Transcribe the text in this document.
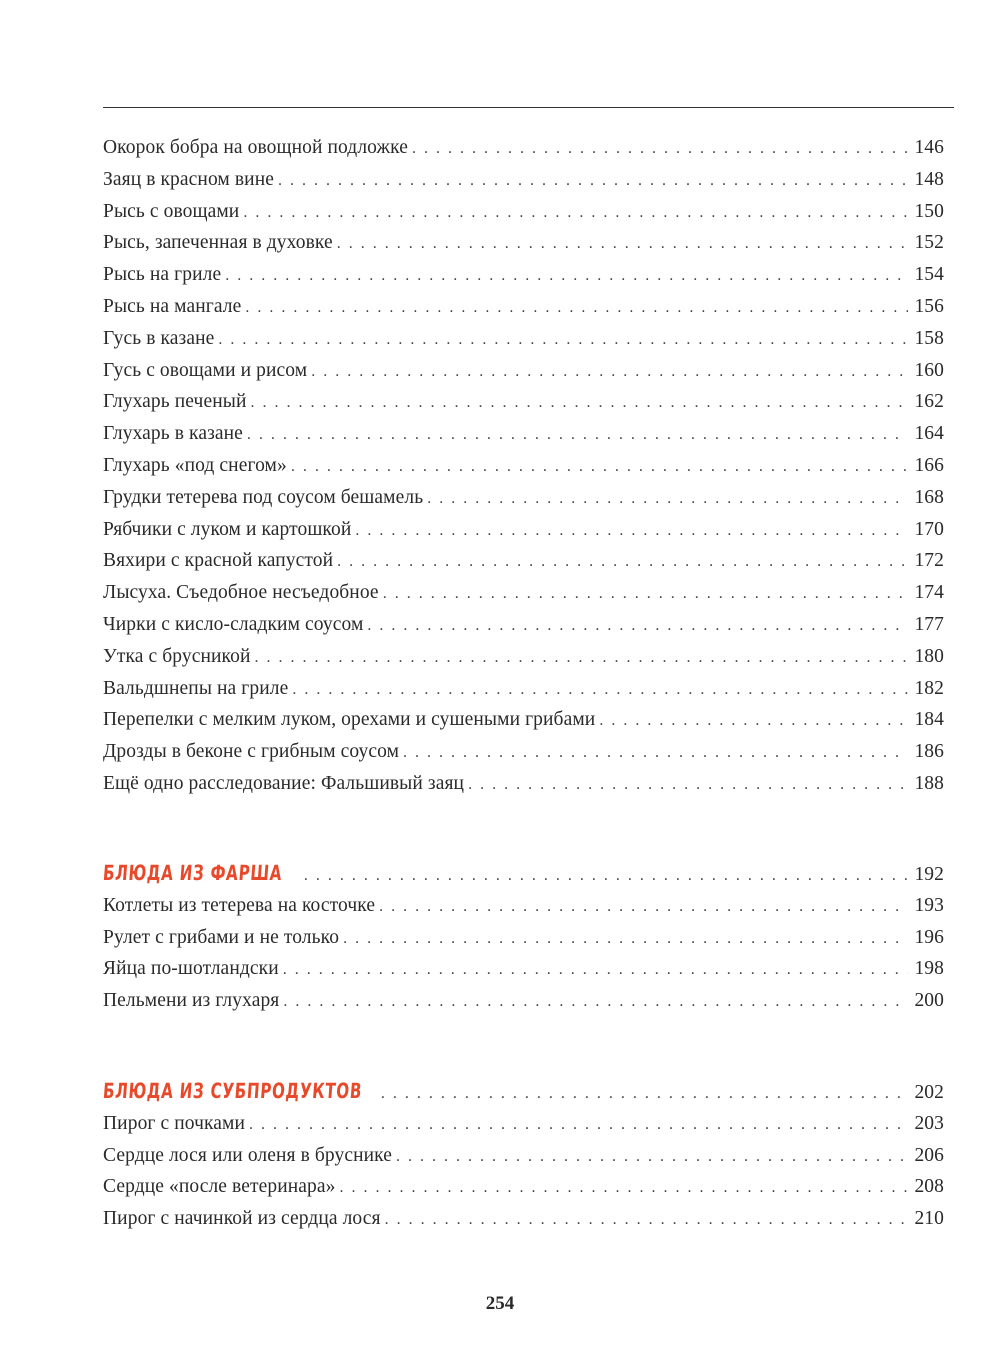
Окорок бобра на овощной подложке . . .	146
Заяц в красном вине . . .	148
Рысь с овощами . . .	150
Рысь, запеченная в духовке . . .	152
Рысь на гриле . . .	154
Рысь на мангале . . .	156
Гусь в казане . . .	158
Гусь с овощами и рисом . . .	160
Глухарь печеный . . .	162
Глухарь в казане . . .	164
Глухарь «под снегом» . . .	166
Грудки тетерева под соусом бешамель . . .	168
Рябчики с луком и картошкой . . .	170
Вяхири с красной капустой . . .	172
Лысуха. Съедобное несъедобное . . .	174
Чирки с кисло-сладким соусом . . .	177
Утка с брусникой . . .	180
Вальдшнепы на гриле . . .	182
Перепелки с мелким луком, орехами и сушеными грибами . . .	184
Дрозды в беконе с грибным соусом . . .	186
Ещё одно расследование: Фальшивый заяц . . .	188
БЛЮДА ИЗ ФАРША . . .	192
Котлеты из тетерева на косточке . . .	193
Рулет с грибами и не только . . .	196
Яйца по-шотландски . . .	198
Пельмени из глухаря . . .	200
БЛЮДА ИЗ СУБПРОДУКТОВ . . .	202
Пирог с почками . . .	203
Сердце лося или оленя в бруснике . . .	206
Сердце «после ветеринара» . . .	208
Пирог с начинкой из сердца лося . . .	210
254
